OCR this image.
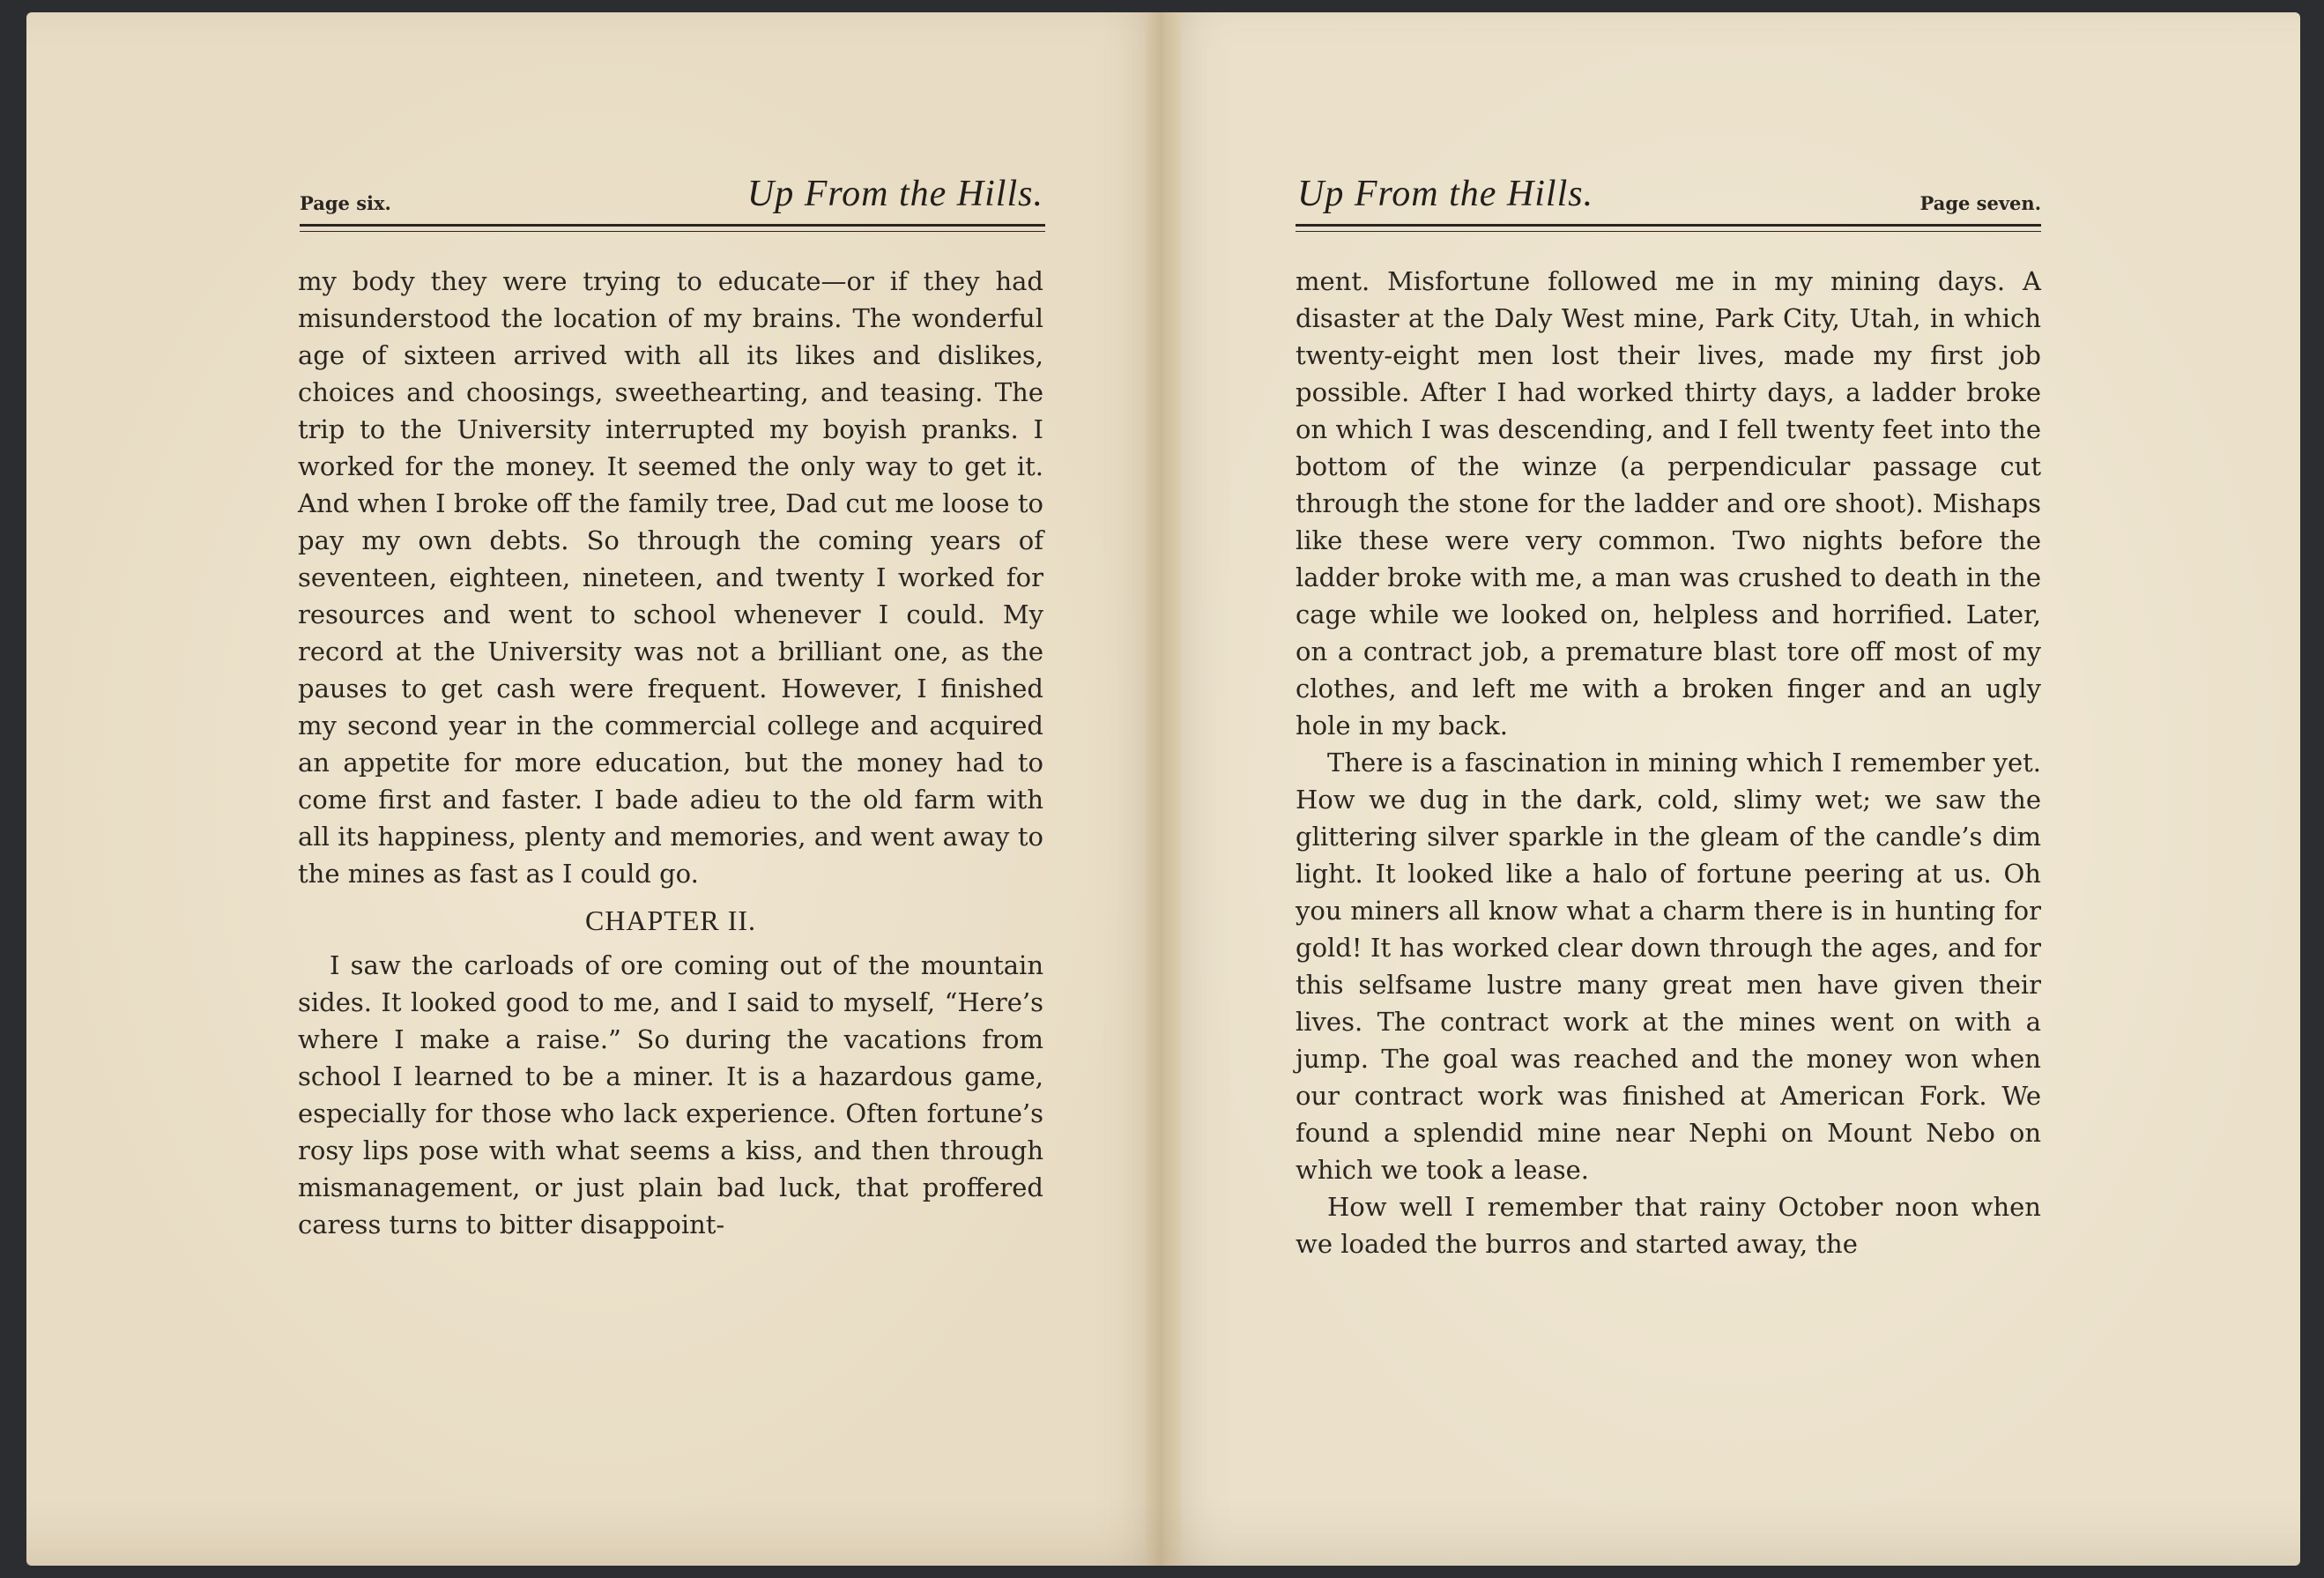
Page six.	Up From the Hills.	Up From the Hills.	Page seven.

my body they were trying to educate—or if they had misunderstood the location of my brains. The wonderful age of sixteen arrived with all its likes and dislikes, choices and choosings, sweethearting, and teasing. The trip to the University interrupted my boyish pranks. I worked for the money. It seemed the only way to get it. And when I broke off the family tree, Dad cut me loose to pay my own debts. So through the coming years of seventeen, eighteen, nineteen, and twenty I worked for resources and went to school whenever I could. My record at the University was not a brilliant one, as the pauses to get cash were frequent. However, I finished my second year in the commercial college and acquired an appetite for more education, but the money had to come first and faster. I bade adieu to the old farm with all its happiness, plenty and memories, and went away to the mines as fast as I could go.

CHAPTER II.

I saw the carloads of ore coming out of the mountain sides. It looked good to me, and I said to myself, “Here’s where I make a raise.” So during the vacations from school I learned to be a miner. It is a hazardous game, especially for those who lack experience. Often fortune’s rosy lips pose with what seems a kiss, and then through mismanagement, or just plain bad luck, that proffered caress turns to bitter disappoint-

ment. Misfortune followed me in my mining days. A disaster at the Daly West mine, Park City, Utah, in which twenty-eight men lost their lives, made my first job possible. After I had worked thirty days, a ladder broke on which I was descending, and I fell twenty feet into the bottom of the winze (a perpendicular passage cut through the stone for the ladder and ore shoot). Mishaps like these were very common. Two nights before the ladder broke with me, a man was crushed to death in the cage while we looked on, helpless and horrified. Later, on a contract job, a premature blast tore off most of my clothes, and left me with a broken finger and an ugly hole in my back.

There is a fascination in mining which I remember yet. How we dug in the dark, cold, slimy wet; we saw the glittering silver sparkle in the gleam of the candle’s dim light. It looked like a halo of fortune peering at us. Oh you miners all know what a charm there is in hunting for gold! It has worked clear down through the ages, and for this selfsame lustre many great men have given their lives. The contract work at the mines went on with a jump. The goal was reached and the money won when our contract work was finished at American Fork. We found a splendid mine near Nephi on Mount Nebo on which we took a lease.

How well I remember that rainy October noon when we loaded the burros and started away, the
